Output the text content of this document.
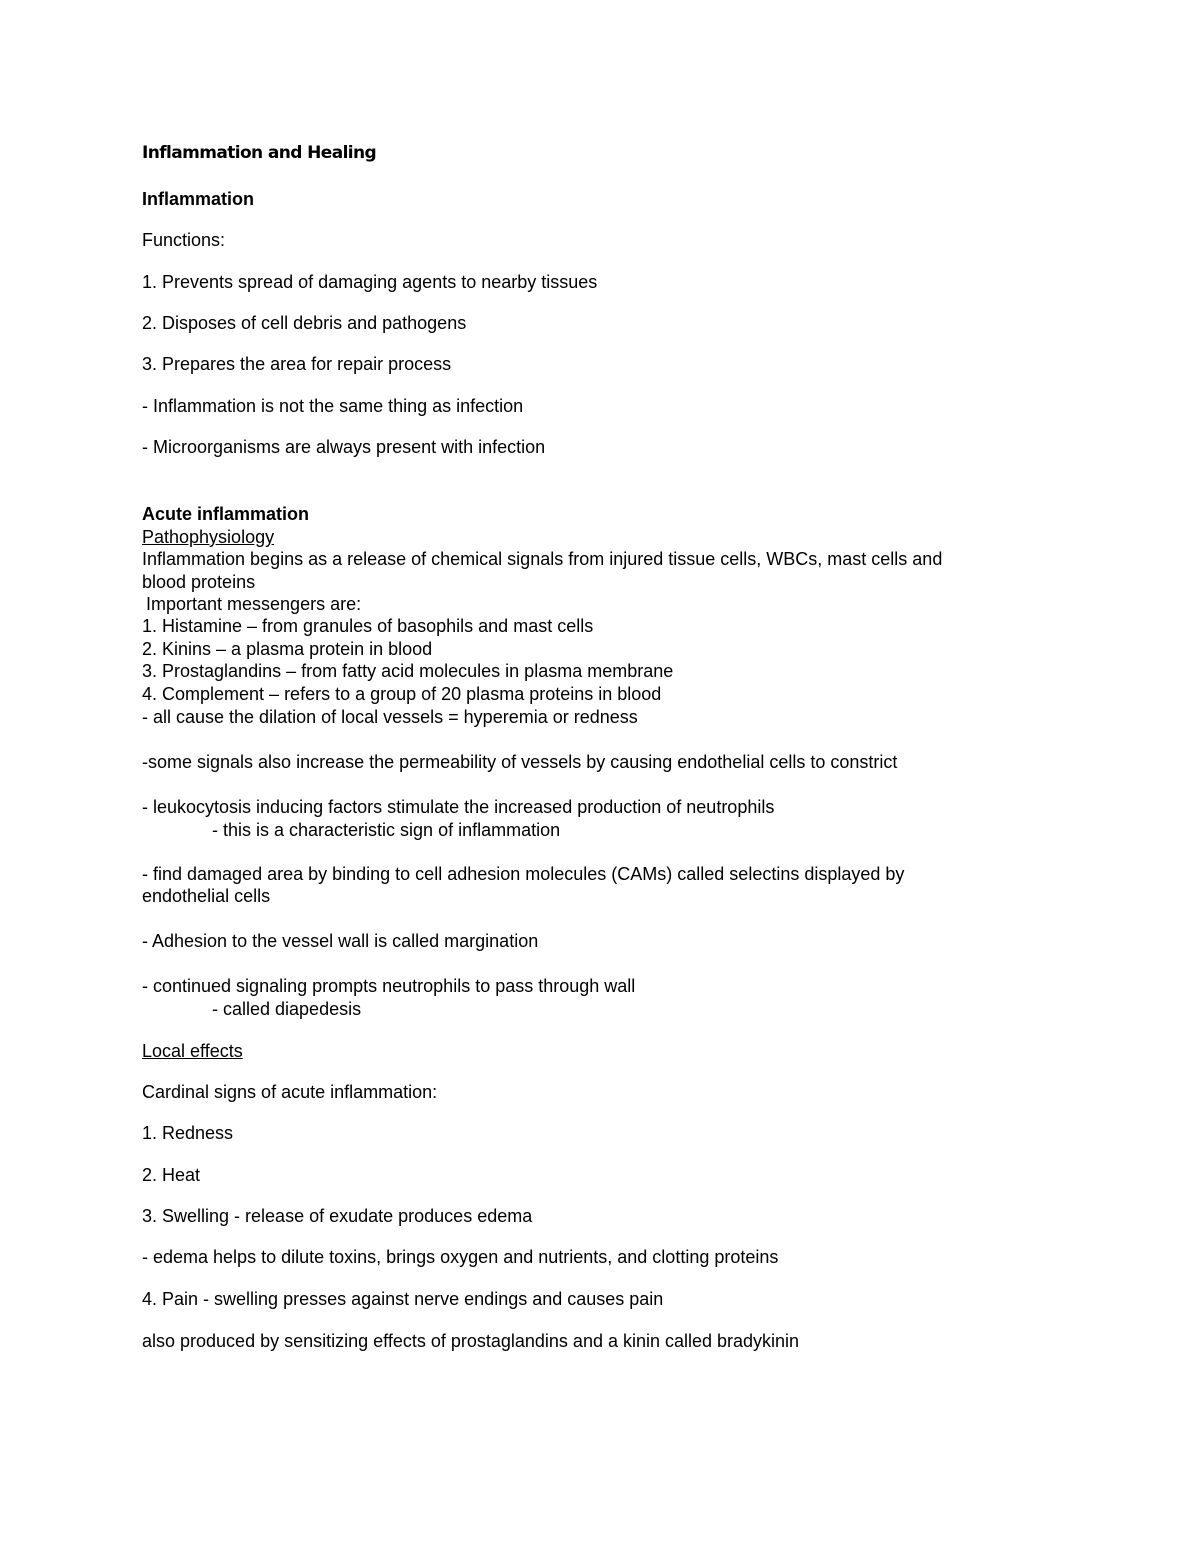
Inflammation and Healing
Inflammation
Functions:
1. Prevents spread of damaging agents to nearby tissues
2. Disposes of cell debris and pathogens
3. Prepares the area for repair process
- Inflammation is not the same thing as infection
- Microorganisms are always present with infection
Acute inflammation
Pathophysiology
Inflammation begins as a release of chemical signals from injured tissue cells, WBCs, mast cells and
blood proteins
Important messengers are:
1. Histamine – from granules of basophils and mast cells
2. Kinins – a plasma protein in blood
3. Prostaglandins – from fatty acid molecules in plasma membrane
4. Complement – refers to a group of 20 plasma proteins in blood
- all cause the dilation of local vessels = hyperemia or redness
-some signals also increase the permeability of vessels by causing endothelial cells to constrict
- leukocytosis inducing factors stimulate the increased production of neutrophils
- this is a characteristic sign of inflammation
- find damaged area by binding to cell adhesion molecules (CAMs) called selectins displayed by
endothelial cells
- Adhesion to the vessel wall is called margination
- continued signaling prompts neutrophils to pass through wall
- called diapedesis
Local effects
Cardinal signs of acute inflammation:
1. Redness
2. Heat
3. Swelling - release of exudate produces edema
- edema helps to dilute toxins, brings oxygen and nutrients, and clotting proteins
4. Pain - swelling presses against nerve endings and causes pain
also produced by sensitizing effects of prostaglandins and a kinin called bradykinin
